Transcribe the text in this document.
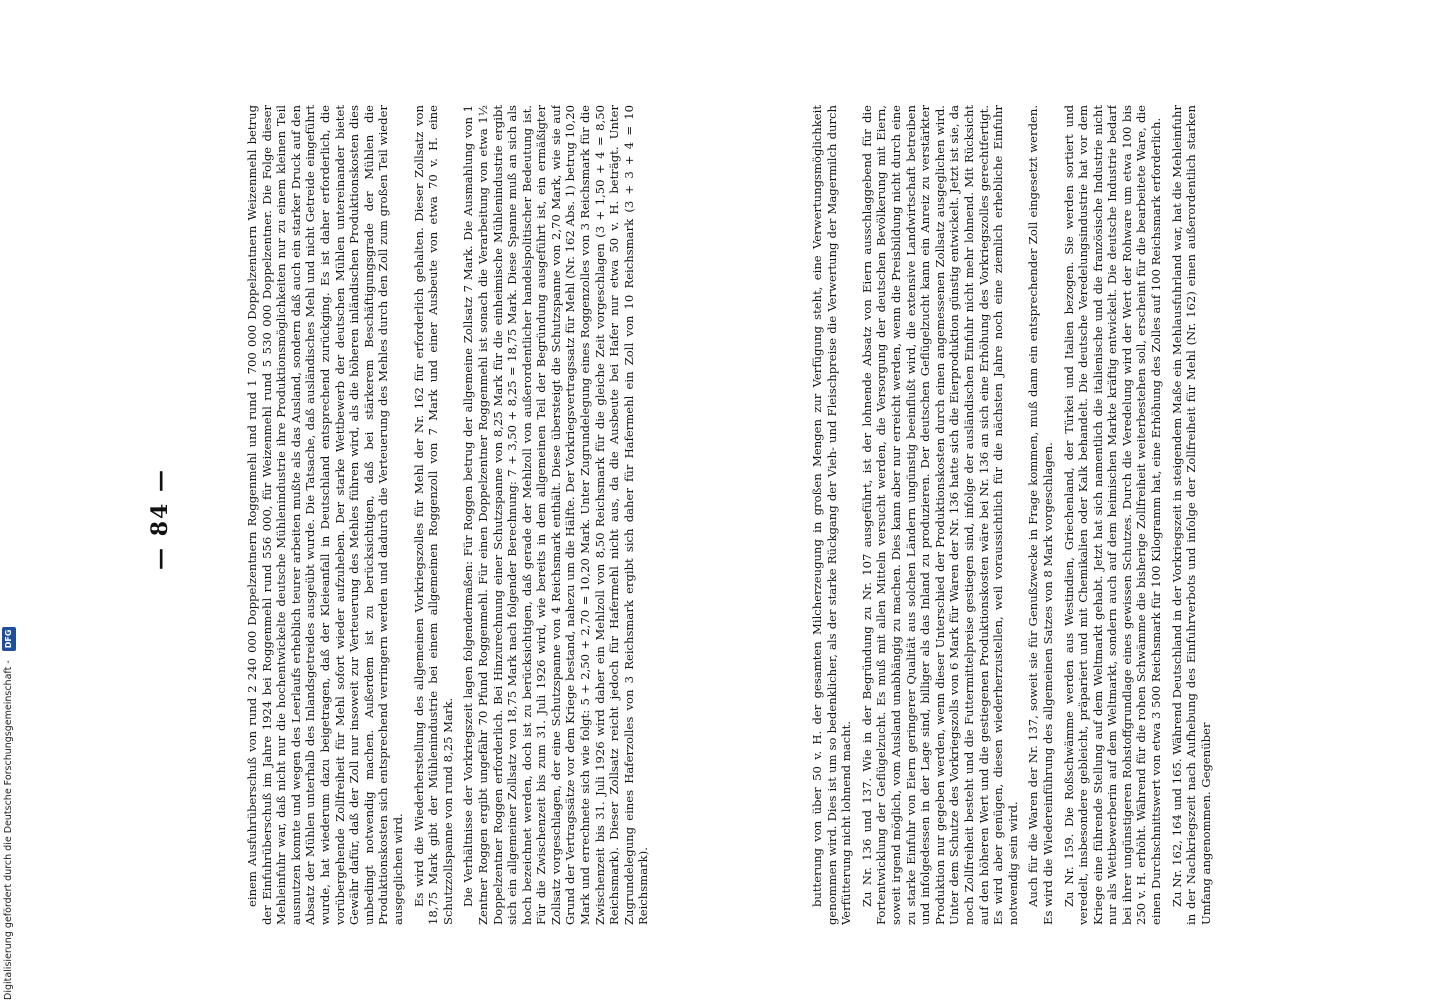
— 84 —	einem Ausfuhrüberschuß von rund 2 240 000 Doppelzentnern Roggenmehl und rund 1 700 000 Doppelzentnern Weizenmehl betrug der Einfuhrüberschuß im Jahre 1924 bei Roggenmehl rund 556 000, für Weizenmehl rund 5 530 000 Doppelzentner. Die Folge dieser Mehleinfuhr war, daß nicht nur die hochentwickelte deutsche Mühlenindustrie ihre Produktionsmöglichkeiten nur zu einem kleinen Teil ausnutzen konnte und wegen des Leerlaufs erheblich teurer arbeiten mußte als das Ausland, sondern daß auch ein starker Druck auf den Absatz der Mühlen unterhalb des Inlandsgetreides ausgeübt wurde. Die Tatsache, daß ausländisches Mehl und nicht Getreide eingeführt wurde, hat wiederum dazu beigetragen, daß der Kleieanfall in Deutschland entsprechend zurückging. Es ist daher erforderlich, die vorübergehende Zollfreiheit für Mehl sofort wieder aufzuheben. Der starke Wettbewerb der deutschen Mühlen untereinander bietet Gewähr dafür, daß der Zoll nur insoweit zur Verteuerung des Mehles führen wird, als die höheren inländischen Produktionskosten dies unbedingt notwendig machen. Außerdem ist zu berücksichtigen, daß bei stärkerem Beschäftigungsgrade der Mühlen die Produktionskosten sich entsprechend verringern werden und dadurch die Verteuerung des Mehles durch den Zoll zum großen Teil wieder ausgeglichen wird. Es wird die Wiederherstellung des allgemeinen Vorkriegszolles für Mehl der Nr. 162 für erforderlich gehalten. Dieser Zollsatz von 18,75 Mark gibt der Mühlenindustrie bei einem allgemeinen Roggenzoll von 7 Mark und einer Ausbeute von etwa 70 v. H. eine Schutzzollspanne von rund 8,25 Mark. Die Verhältnisse der Vorkriegszeit lagen folgendermaßen: Für Roggen betrug der allgemeine Zollsatz 7 Mark. Die Ausmahlung von 1 Zentner Roggen ergibt ungefähr 70 Pfund Roggenmehl. Für einen Doppelzentner Roggenmehl ist sonach die Verarbeitung von etwa 1½ Doppelzentner Roggen erforderlich. Bei Hinzurechnung einer Schutzspanne von 8,25 Mark für die einheimische Mühlenindustrie ergibt sich ein allgemeiner Zollsatz von 18,75 Mark nach folgender Berechnung: 7 + 3,50 + 8,25 = 18,75 Mark. Diese Spanne muß an sich als hoch bezeichnet werden, doch ist zu berücksichtigen, daß gerade der Mehlzoll von außerordentlicher handelspolitischer Bedeutung ist. Für die Zwischenzeit bis zum 31. Juli 1926 wird, wie bereits in dem allgemeinen Teil der Begründung ausgeführt ist, ein ermäßigter Zollsatz vorgeschlagen, der eine Schutzspanne von 4 Reichsmark enthält. Diese übersteigt die Schutzspanne von 2,70 Mark, wie sie auf Grund der Vertragssätze vor dem Kriege bestand, nahezu um die Hälfte. Der Vorkriegsvertragssatz für Mehl (Nr. 162 Abs. 1) betrug 10,20 Mark und errechnete sich wie folgt: 5 + 2,50 + 2,70 = 10,20 Mark. Unter Zugrundelegung eines Roggenzolles von 3 Reichsmark für die Zwischenzeit bis 31. Juli 1926 wird daher ein Mehlzoll von 8,50 Reichsmark für die gleiche Zeit vorgeschlagen (3 + 1,50 + 4 = 8,50 Reichsmark). Dieser Zollsatz reicht jedoch für Hafermehl nicht aus, da die Ausbeute bei Hafer nur etwa 50 v. H. beträgt. Unter Zugrundelegung eines Haferzolles von 3 Reichsmark ergibt sich daher für Hafermehl ein Zoll von 10 Reichsmark (3 + 3 + 4 = 10 Reichsmark).	butterung von über 50 v. H. der gesamten Milcherzeugung in großen Mengen zur Verfügung steht, eine Verwertungsmöglichkeit genommen wird. Dies ist um so bedenklicher, als der starke Rückgang der Vieh- und Fleischpreise die Verwertung der Magermilch durch Verfütterung nicht lohnend macht. Zu Nr. 136 und 137. Wie in der Begründung zu Nr. 107 ausgeführt, ist der lohnende Absatz von Eiern ausschlaggebend für die Fortentwicklung der Geflügelzucht. Es muß mit allen Mitteln versucht werden, die Versorgung der deutschen Bevölkerung mit Eiern, soweit irgend möglich, vom Ausland unabhängig zu machen. Dies kann aber nur erreicht werden, wenn die Preisbildung nicht durch eine zu starke Einfuhr von Eiern geringerer Qualität aus solchen Ländern ungünstig beeinflußt wird, die extensive Landwirtschaft betreiben und infolgedessen in der Lage sind, billiger als das Inland zu produzieren. Der deutschen Geflügelzucht kann ein Anreiz zu verstärkter Produktion nur gegeben werden, wenn dieser Unterschied der Produktionskosten durch einen angemessenen Zollsatz ausgeglichen wird. Unter dem Schutze des Vorkriegszolls von 6 Mark für Waren der Nr. 136 hatte sich die Eierproduktion günstig entwickelt. Jetzt ist sie, da noch Zollfreiheit besteht und die Futtermittelpreise gestiegen sind, infolge der ausländischen Einfuhr nicht mehr lohnend. Mit Rücksicht auf den höheren Wert und die gestiegenen Produktionskosten wäre bei Nr. 136 an sich eine Erhöhung des Vorkriegszolles gerechtfertigt. Es wird aber genügen, diesen wiederherzustellen, weil voraussichtlich für die nächsten Jahre noch eine ziemlich erhebliche Einfuhr notwendig sein wird. Auch für die Waren der Nr. 137, soweit sie für Genußzwecke in Frage kommen, muß dann ein entsprechender Zoll eingesetzt werden. Es wird die Wiedereinführung des allgemeinen Satzes von 8 Mark vorgeschlagen. Zu Nr. 159. Die Roßschwämme werden aus Westindien, Griechenland, der Türkei und Italien bezogen. Sie werden sortiert und veredelt, insbesondere gebleicht, präpariert und mit Chemikalien oder Kalk behandelt. Die deutsche Veredelungsindustrie hat vor dem Kriege eine führende Stellung auf dem Weltmarkt gehabt. Jetzt hat sich namentlich die italienische und die französische Industrie nicht nur als Wettbewerberin auf dem Weltmarkt, sondern auch auf dem heimischen Markte kräftig entwickelt. Die deutsche Industrie bedarf bei ihrer ungünstigeren Rohstoffgrundlage eines gewissen Schutzes. Durch die Veredelung wird der Wert der Rohware um etwa 100 bis 250 v. H. erhöht. Während für die rohen Schwämme die bisherige Zollfreiheit weiterbestehen soll, erscheint für die bearbeitete Ware, die einen Durchschnittswert von etwa 3 500 Reichsmark für 100 Kilogramm hat, eine Erhöhung des Zolles auf 100 Reichsmark erforderlich. Zu Nr. 162, 164 und 165. Während Deutschland in der Vorkriegszeit in steigendem Maße ein Mehlausfuhrland war, hat die Mehleinfuhr in der Nachkriegszeit nach Aufhebung des Einfuhrverbots und infolge der Zollfreiheit für Mehl (Nr. 162) einen außerordentlich starken Umfang angenommen. Gegenüber

Digitalisierung gefördert durch die Deutsche Forschungsgemeinschaft - DFG
